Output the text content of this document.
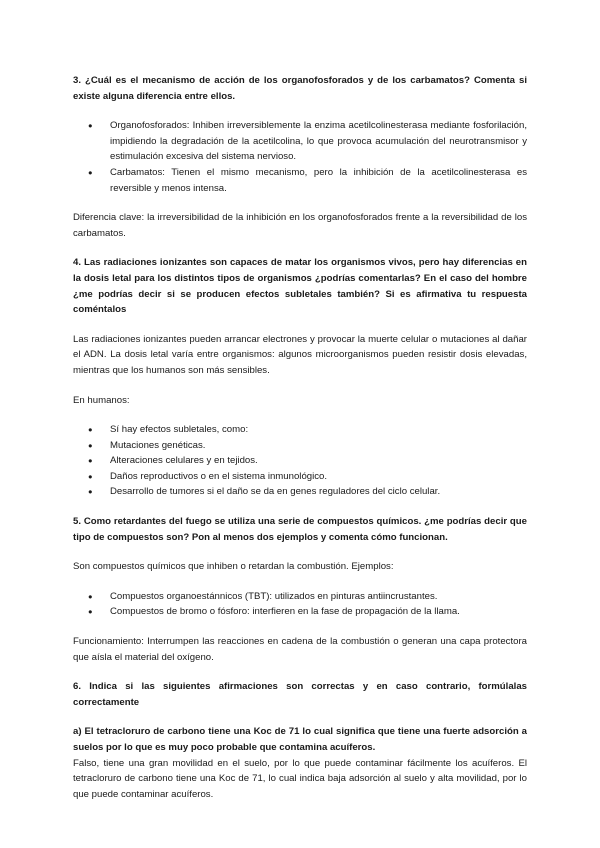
3. ¿Cuál es el mecanismo de acción de los organofosforados y de los carbamatos? Comenta si existe alguna diferencia entre ellos.

● Organofosforados: Inhiben irreversiblemente la enzima acetilcolinesterasa mediante fosforilación, impidiendo la degradación de la acetilcolina, lo que provoca acumulación del neurotransmisor y estimulación excesiva del sistema nervioso.
● Carbamatos: Tienen el mismo mecanismo, pero la inhibición de la acetilcolinesterasa es reversible y menos intensa.

Diferencia clave: la irreversibilidad de la inhibición en los organofosforados frente a la reversibilidad de los carbamatos.

4. Las radiaciones ionizantes son capaces de matar los organismos vivos, pero hay diferencias en la dosis letal para los distintos tipos de organismos ¿podrías comentarlas? En el caso del hombre ¿me podrías decir si se producen efectos subletales también? Si es afirmativa tu respuesta coméntalos

Las radiaciones ionizantes pueden arrancar electrones y provocar la muerte celular o mutaciones al dañar el ADN. La dosis letal varía entre organismos: algunos microorganismos pueden resistir dosis elevadas, mientras que los humanos son más sensibles.

En humanos:

● Sí hay efectos subletales, como:
● Mutaciones genéticas.
● Alteraciones celulares y en tejidos.
● Daños reproductivos o en el sistema inmunológico.
● Desarrollo de tumores si el daño se da en genes reguladores del ciclo celular.

5. Como retardantes del fuego se utiliza una serie de compuestos químicos. ¿me podrías decir que tipo de compuestos son? Pon al menos dos ejemplos y comenta cómo funcionan.

Son compuestos químicos que inhiben o retardan la combustión. Ejemplos:

● Compuestos organoestánnicos (TBT): utilizados en pinturas antiincrustantes.
● Compuestos de bromo o fósforo: interfieren en la fase de propagación de la llama.

Funcionamiento: Interrumpen las reacciones en cadena de la combustión o generan una capa protectora que aísla el material del oxígeno.

6. Indica si las siguientes afirmaciones son correctas y en caso contrario, formúlalas correctamente

a) El tetracloruro de carbono tiene una Koc de 71 lo cual significa que tiene una fuerte adsorción a suelos por lo que es muy poco probable que contamina acuíferos.

Falso, tiene una gran movilidad en el suelo, por lo que puede contaminar fácilmente los acuíferos. El tetracloruro de carbono tiene una Koc de 71, lo cual indica baja adsorción al suelo y alta movilidad, por lo que puede contaminar acuíferos.
